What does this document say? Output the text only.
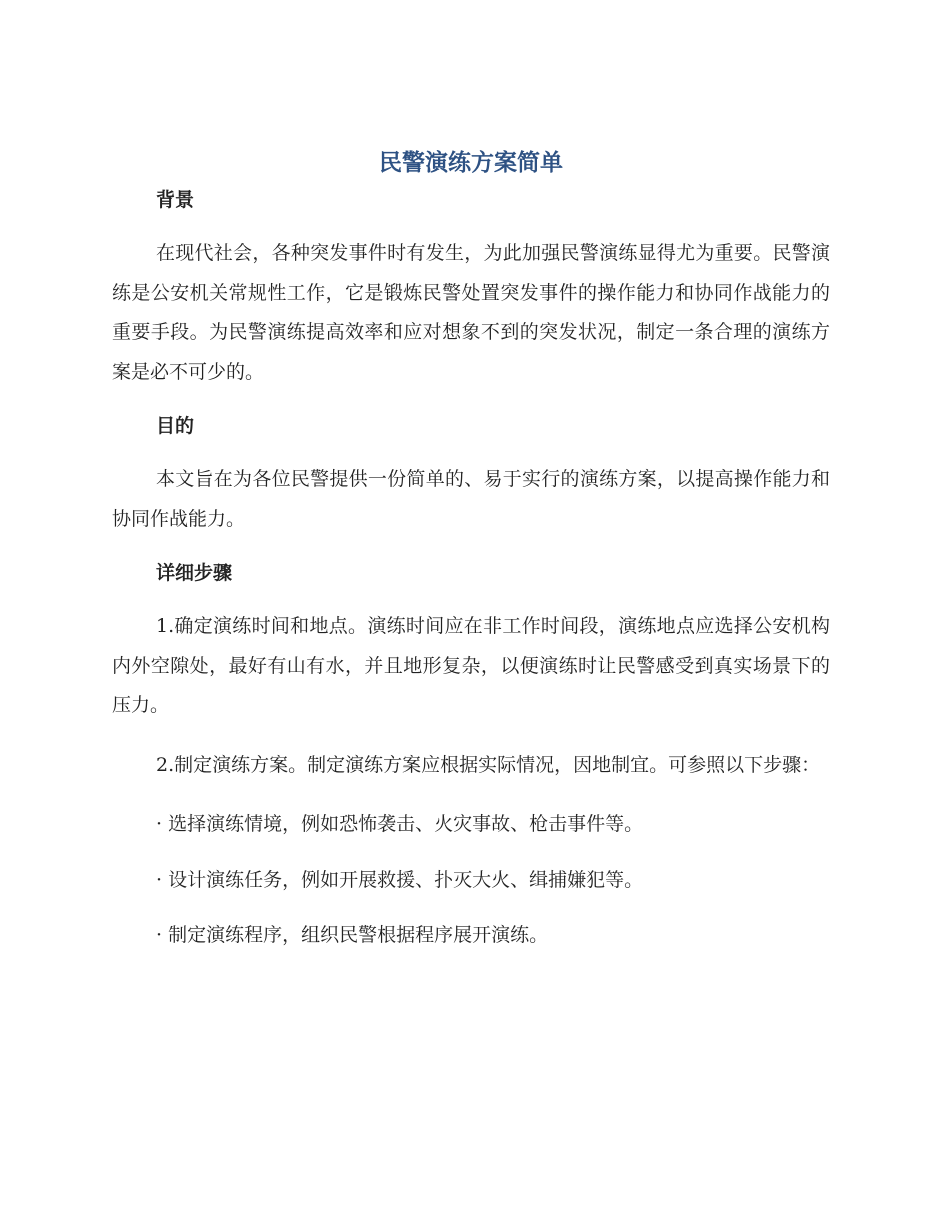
民警演练方案简单
背景

在现代社会，各种突发事件时有发生，为此加强民警演练显得尤为重要。民警演练是公安机关常规性工作，它是锻炼民警处置突发事件的操作能力和协同作战能力的重要手段。为民警演练提高效率和应对想象不到的突发状况，制定一条合理的演练方案是必不可少的。

目的

本文旨在为各位民警提供一份简单的、易于实行的演练方案，以提高操作能力和协同作战能力。

详细步骤

1.确定演练时间和地点。演练时间应在非工作时间段，演练地点应选择公安机构内外空隙处，最好有山有水，并且地形复杂，以便演练时让民警感受到真实场景下的压力。

2.制定演练方案。制定演练方案应根据实际情况，因地制宜。可参照以下步骤：

· 选择演练情境，例如恐怖袭击、火灾事故、枪击事件等。

· 设计演练任务，例如开展救援、扑灭大火、缉捕嫌犯等。

· 制定演练程序，组织民警根据程序展开演练。
